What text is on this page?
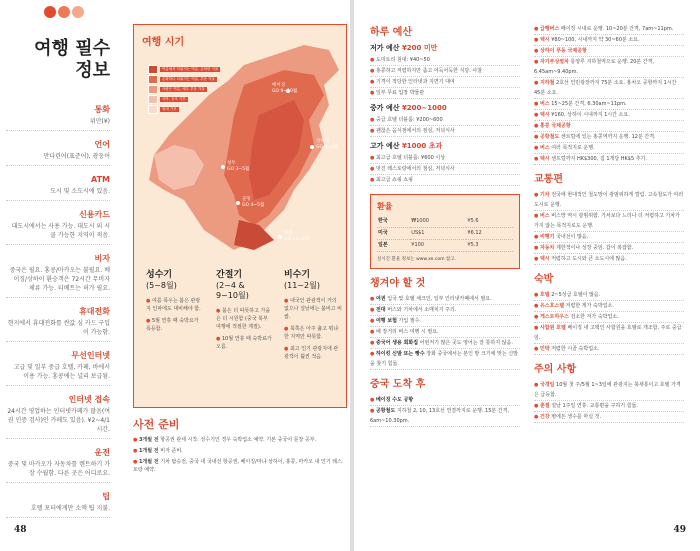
여행 필수
정보
통화
위안(¥)
언어
만다린어(표준어), 광둥어
ATM
도시 및 소도시에 있음.
신용카드
대도시에서는 사용 가능. 대도시 외 시골 가능한 지역이 적음.
비자
중국은 필요. 홍콩/마카오는 불필요. 베이징/상하이 환승객은 72시간 무비자 체류 가능. 티베트는 허가 필요.
휴대전화
현지에서 휴대전화를 싼값 심 카드 구입이 가능함.
무선인터넷
고급 및 일부 중급 호텔, 카페, 바에서 이용 가능. 홍콩에는 널리 보급됨.
인터넷 접속
24시간 영업하는 인터넷카페가 많음(여권 인증 검사)인 카페도 있음). ¥2~4/1시간.
운전
중국 및 마카오가 자동차를 렌트하기 가장 수월함. 다른 곳은 어디로요.
팁
호텔 포터에게만 소액 팁 지불.
48	49
여행 시기
여름에서 더워지는 여름, 온화한 겨울
온화하다 더워지는 여름, 추운 겨울
사람은 여름, 매우 추운 겨울
사막, 건조 기후
열대 기후
베이징
GO 9~10월
상하이
GO 4~5월
청두
GO 3~5월
쿤밍
GO 4~5월
홍콩
GO 11~2월
성수기
(5~8월)

● 여름 폭우는 붐은 관광지 인파에도 대비해야 함.

● 5월 연휴 때 숙박요가 폭등함.

간절기
(2~4 &
9~10월)

● 붐은 더 따뜻하고 가을은 더 시원함 (중국 북부 여행에 적절한 계절).

● 10월 연휴 때 숙박료가 오름.

비수기
(11~2월)

● 내국인 관광객이 거의 없으나 설날에는 붐비고 비쌈.

● 북쪽은 아주 춥고 뭐냐한 지역만 따뜻함.

● 최고 인기 관광지에 관광객이 훨씬 적음.

사전 준비

● 3개월 전 항공권 관세 시작. 성수기인 경우 숙박업소 예약. 기본 중국어 문장 공부.

● 1개월 전 비자 준비.

● 1개월 전 기차 탑승전, 중국 내 국내선 항공권, 베이징/마냐 상하이, 홍콩, 마카오 내 인기 레스토랑 예약.

하루 예산
저가 예산 ¥200 미만
● 도미토리 침대: ¥40~50
● 홍콩허고 저렴하지만 좀고 어둑어둑한 식당. 사찰
● 기격이 적당한 인터넷과 지면기 대여
● 일부 무료 입장 박물관
중가 예산 ¥200~1000
● 중급 호텔 더블룸: ¥200~600
● 괜찮은 음식점에서의 점심, 저녁식사
고가 예산 ¥1000 초과
● 최고급 호텔 더블룸: ¥600 이상
● 멋진 레스토랑에서의 점심, 저녁식사
● 최고급 쇼핑 쇼핑
환율
한국	₩1000	¥5.6
미국	US$1	¥6.12
일본	¥100	¥5.3
실시간 환율 정보는 www.xe.com 참고.
챙겨야 할 것
● 여권 입국 및 호텔 체크인, 일부 인터넷카페에서 필요.
● 전대 버스와 기차에서 소매치기 주의.
● 여행 보험 가입 필수.
● 배 장거리 버스 여행 시 필요.
● 중국어 생용 회화집 어떤저기 많은 곳도 영어는 잘 통하지 않음.
● 하이킹 신발 또는 빵수 장화 중국에서는 본인 발 크기에 맞는 신발을 찾기 힘듦.
중국 도착 후
● 베이징 수도 공항
● 공항철도 지하철 2, 10, 13호선 연결까지로 운행. 15분 간격, 6am~10.30pm.
● 급행버스 베이징 시내로 운행. 10~20분 간격, 7am~11pm.
● 택시 ¥80~100, 시내까지 약 30~60분 소요.
● 상하이 푸동 국제공항
● 자기부상열차 롱양루 지하철역으로 운행. 20분 간격, 6.45am~9.40pm.
● 지하철 2호선 인민광장까지 75분 소요. 홍차오 공항까지 1시간 45분 소요.
● 버스 15~25분 간격, 6.30am~11pm.
● 택시 ¥160, 상하이 시내까지 1시간 소요.
● 홍콩 국제공항
● 공항철도 센트럴에 있는 홍콩역까지 운행. 12분 간격.
● 버스 여러 목적지로 운행.
● 택시 센트럴까지 HK$300, 집 1개당 HK$5 추가.
교통편
● 기차 전국에 현대적인 철도망이 광범위하게 깔림. 고속철도가 여러 도시로 운행.
● 버스 버스망 역시 광범위함. 기차보다 느리나 더 저렴하고 기차가 가지 않는 목적지로도 운행.
● 비행기 국내선이 많음.
● 자동차 제한적이나 성장 중임. 갑이 복잡함.
● 택시 저렴하고 도시와 큰 소도시에 많음.
숙박
● 호텔 2~5성급 호텔이 많음.
● 유스호스텔 저렴한 게가 숙박업소.
● 게스트하우스 검소한 저가 숙박업소.
● 사합원 호텔 베이징 내 고택인 사합원을 호텔로 개조함. 주로 중급임.
● 민박 저렴한 시골 숙박업소.
주의 사항
● 국경일 10월 첫 주/5월 1~3일에 관광지는 북새통이고 호텔 가격은 급등함.
● 춘절 설날 1주일 연휴. 교통편을 구하기 힘듦.
● 건강 병에든 생수를 마실 것.
